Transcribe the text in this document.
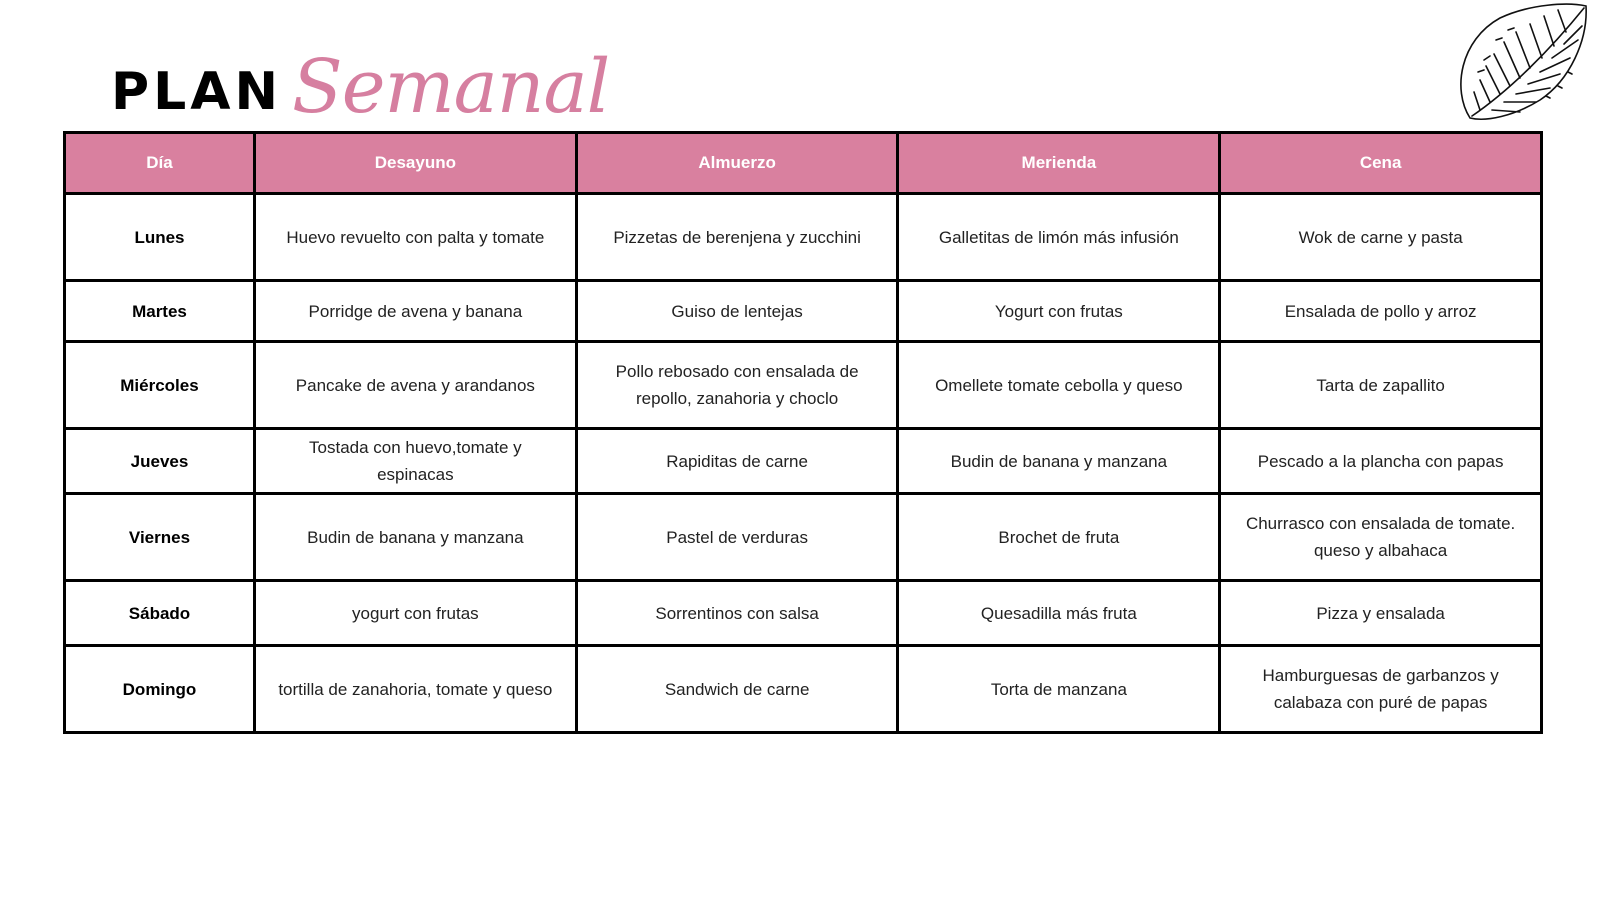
PLAN Semanal
Día	Desayuno	Almuerzo	Merienda	Cena
Lunes	Huevo revuelto con palta y tomate	Pizzetas de berenjena y zucchini	Galletitas de limón más infusión	Wok de carne y pasta
Martes	Porridge de avena y banana	Guiso de lentejas	Yogurt con frutas	Ensalada de pollo y arroz
Miércoles	Pancake de avena y arandanos	Pollo rebosado con ensalada de repollo, zanahoria y choclo	Omellete tomate cebolla y queso	Tarta de zapallito
Jueves	Tostada con huevo,tomate y espinacas	Rapiditas de carne	Budin de banana y manzana	Pescado a la plancha con papas
Viernes	Budin de banana y manzana	Pastel de verduras	Brochet de fruta	Churrasco con ensalada de tomate. queso y albahaca
Sábado	yogurt con frutas	Sorrentinos con salsa	Quesadilla más fruta	Pizza y ensalada
Domingo	tortilla de zanahoria, tomate y queso	Sandwich de carne	Torta de manzana	Hamburguesas de garbanzos y calabaza con puré de papas
